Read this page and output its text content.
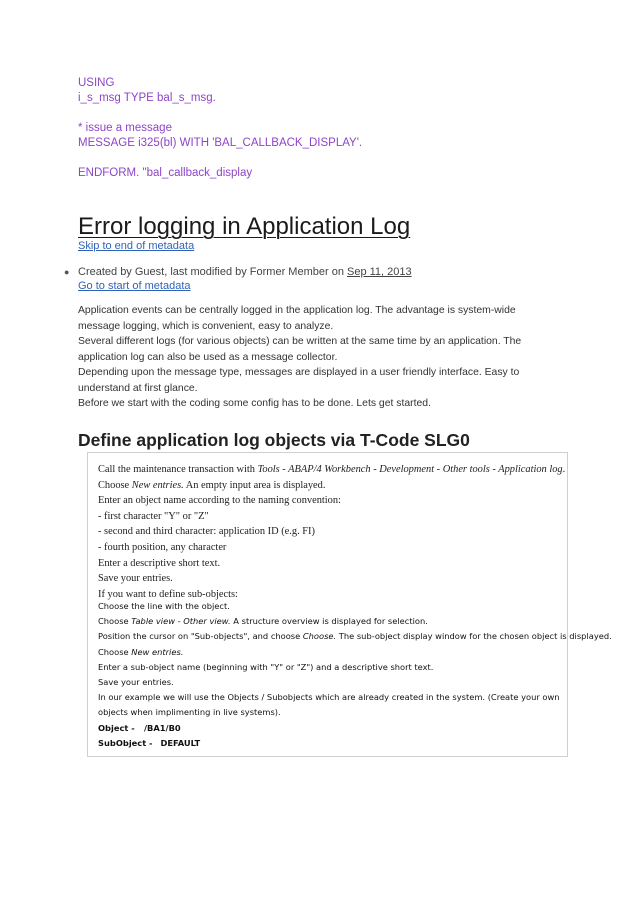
USING
i_s_msg TYPE bal_s_msg.

* issue a message
MESSAGE i325(bl) WITH 'BAL_CALLBACK_DISPLAY'.

ENDFORM. "bal_callback_display
Error logging in Application Log
Skip to end of metadata
● Created by Guest, last modified by Former Member on Sep 11, 2013
Go to start of metadata
Application events can be centrally logged in the application log. The advantage is system-wide message logging, which is convenient, easy to analyze.
Several different logs (for various objects) can be written at the same time by an application. The application log can also be used as a message collector.
Depending upon the message type, messages are displayed in a user friendly interface. Easy to understand at first glance.
Before we start with the coding some config has to be done. Lets get started.
Define application log objects via T-Code SLG0
Call the maintenance transaction with Tools - ABAP/4 Workbench - Development - Other tools - Application log.
Choose New entries. An empty input area is displayed.
Enter an object name according to the naming convention:
- first character "Y" or "Z"
- second and third character: application ID (e.g. FI)
- fourth position, any character
Enter a descriptive short text.
Save your entries.
If you want to define sub-objects:
Choose the line with the object.
Choose Table view - Other view. A structure overview is displayed for selection.
Position the cursor on "Sub-objects", and choose Choose. The sub-object display window for the chosen object is displayed.
Choose New entries.
Enter a sub-object name (beginning with "Y" or "Z") and a descriptive short text.
Save your entries.
In our example we will use the Objects / Subobjects which are already created in the system. (Create your own objects when implimenting in live systems).
Object - /BA1/B0
SubObject - DEFAULT
